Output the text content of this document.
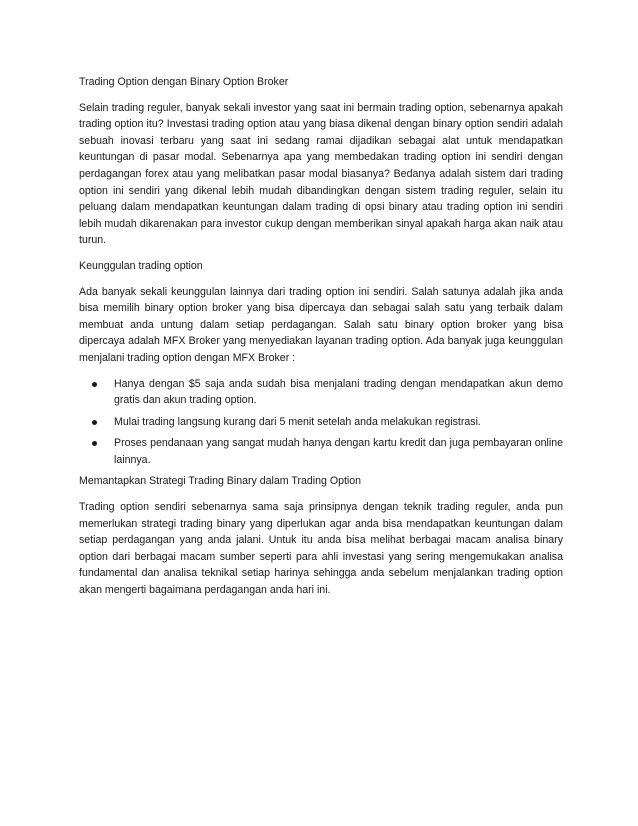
Trading Option dengan Binary Option Broker

Selain trading reguler, banyak sekali investor yang saat ini bermain trading option, sebenarnya apakah trading option itu? Investasi trading option atau yang biasa dikenal dengan binary option sendiri adalah sebuah inovasi terbaru yang saat ini sedang ramai dijadikan sebagai alat untuk mendapatkan keuntungan di pasar modal. Sebenarnya apa yang membedakan trading option ini sendiri dengan perdagangan forex atau yang melibatkan pasar modal biasanya? Bedanya adalah sistem dari trading option ini sendiri yang dikenal lebih mudah dibandingkan dengan sistem trading reguler, selain itu peluang dalam mendapatkan keuntungan dalam trading di opsi binary atau trading option ini sendiri lebih mudah dikarenakan para investor cukup dengan memberikan sinyal apakah harga akan naik atau turun.

Keunggulan trading option

Ada banyak sekali keunggulan lainnya dari trading option ini sendiri. Salah satunya adalah jika anda bisa memilih binary option broker yang bisa dipercaya dan sebagai salah satu yang terbaik dalam membuat anda untung dalam setiap perdagangan. Salah satu binary option broker yang bisa dipercaya adalah MFX Broker yang menyediakan layanan trading option. Ada banyak juga keunggulan menjalani trading option dengan MFX Broker :

Hanya dengan $5 saja anda sudah bisa menjalani trading dengan mendapatkan akun demo gratis dan akun trading option.
Mulai trading langsung kurang dari 5 menit setelah anda melakukan registrasi.
Proses pendanaan yang sangat mudah hanya dengan kartu kredit dan juga pembayaran online lainnya.

Memantapkan Strategi Trading Binary dalam Trading Option

Trading option sendiri sebenarnya sama saja prinsipnya dengan teknik trading reguler, anda pun memerlukan strategi trading binary yang diperlukan agar anda bisa mendapatkan keuntungan dalam setiap perdagangan yang anda jalani. Untuk itu anda bisa melihat berbagai macam analisa binary option dari berbagai macam sumber seperti para ahli investasi yang sering mengemukakan analisa fundamental dan analisa teknikal setiap harinya sehingga anda sebelum menjalankan trading option akan mengerti bagaimana perdagangan anda hari ini.
